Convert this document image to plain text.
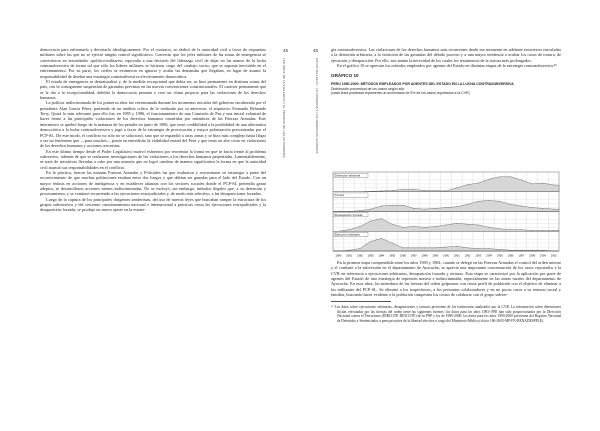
45
LOS AÑOS DE LA VIOLENCIA Y EL PERIODO DE LAS AUTONOMÍAS

democracia para enfrentarlo y derrotarlo ideológicamente. Por el contrario, se abdicó de la autoridad civil a favor de respuestas militares sobre las que no se ejerció ningún control significativo. Convertir que los jefes militares de las zonas de emergencia se convirtieron en autoridades «político-militares» equivalía a una decisión del liderazgo civil de dejar en las manos de la lucha contrasubversiva de forma tal que sólo los líderes militares se hicieron cargo del «trabajo sucio» que se suponía inevitable en el enfrentamiento. Por su parte, los civiles se eximieron en ignorar y avalar las demandas que llegaban, en lugar de asumir la responsabilidad de diseñar una estrategia contrasubversiva efectivamente democrática.

El estado de emergencia se desnaturalizó y, de la medida excepcional que debía ser, se hizo permanente en distintas zonas del país, con la consiguiente suspensión de garantías previstas en las nuevas convenciones constitucionales. El carácter permanente que se le dio a la excepcionalidad, debilitó la democracia peruana y creó un clima propicio para las violaciones de los derechos humanos.

La política indiscriminada de los primeros años fue reexaminada durante los momentos iniciales del gobierno encabezado por el presidente Alan García Pérez, partiendo de un análisis crítico de lo realizado por su antecesor, el arquitecto Fernando Belaunde Terry. Quizá lo más relevante para ello fue, en 1985 y 1986, el funcionamiento de una Comisión de Paz y una inicial voluntad de hacer frente a las principales violaciones de los derechos humanos cometidas por miembros de las Fuerzas Armadas. Este intermezzo se quebró luego de la matanza de los penales en junio de 1986, que restó credibilidad a la posibilidad de una alternativa democrática a la lucha contrasubversiva y jugó a favor de la estrategia de provocación y mayor polarización preconizadas por el PCP-SL. De este modo, el conflicto no sólo no se solucionó, sino que se expandió a otras zonas y se hizo más complejo hasta llegar a ser un fenómeno que —para muchos— ponía en entredicho la viabilidad estatal del Perú y que tenía un alto costo en violaciones de los derechos humanos y acciones terroristas.

En este último tiempo desde el Poder Legislativo motivó esfuerzos por reorientar la forma en que se hacía frente al problema subversivo, además de que se realizaron investigaciones de las violaciones a los derechos humanos perpetradas. Lamentablemente, se trató de iniciativas llevadas a cabo por una minoría que no logró cambiar de manera significativa la forma en que la autoridad civil asumió sus responsabilidades en el conflicto.

En la práctica, fueron las mismas Fuerzas Armadas y Policiales las que evaluaron y reorientaron su estrategia a partir del reconocimiento de que muchas poblaciones estaban entre dos fuegos y que debían ser ganadas para el lado del Estado. Con un mayor énfasis en acciones de inteligencia y en establecer alianzas con los sectores sociales donde el PCP-SL pretendía ganar adeptos, se desarrollaron acciones menos indiscriminadas. No se excluyó, sin embargo, métodos ilegales que, a su detención y procesamiento, y se continuó recurriendo a las ejecuciones extrajudiciales y, de modo más selectivo, a las desapariciones forzadas.

Luego de la captura de los principales dirigentes senderistas, del uso de nuevas leyes que buscaban romper la estructura de los grupos subversivos y del creciente cuestionamiento nacional e internacional a prácticas como las ejecuciones extrajudiciales y la desaparición forzada, se produjo un nuevo ajuste en la estrate-

46
HATUN WILLAKUY · LA TRAGEDIA Y LOS DERECHOS HUMANOS

gia contrasubversiva. Las violaciones de los derechos humanos más recurrentes desde ese momento en adelante estuvieron vinculadas a la detención arbitraria, a la violación de las garantías del debido proceso y a una mayor tendencia a ocultar los casos de tortura, de ejecución y desaparición. Por ello, nos anima la necesidad de los cuales los testimonios de la tortura más prolongados.

En el gráfico 10 se aprecian los métodos empleados por agentes del Estado en distintas etapas de la estrategia contrasubversiva.²⁹

GRÁFICO 10
PERÚ 1980-2000: MÉTODOS EMPLEADOS POR AGENTES DEL ESTADO EN LA LUCHA CONTRASUBVERSIVA
Distribución porcentual de los casos según año
(cada línea punteada representa un acumulado de 5% de los casos reportados a la CVR)
Detención arbitraria
Tortura
Desaparición forzada
Ejecución arbitraria
1980 1981 1982 1983 1984 1985 1986 1987 1988 1989 1990 1991 1992 1993 1994 1995 1996 1997 1998 1999 2000

En la primera etapa comprendida entre los años 1983 y 1984, cuando se delegó en las Fuerzas Armadas el control del orden interno y el combate a la subversión en el departamento de Ayacucho, se aprecia una importante concentración de los casos reportados a la CVR en referencia a ejecuciones arbitrarias, desaparición forzada y torturas. Esta etapa se caracterizó por la aplicación por parte de agentes del Estado de una estrategia de represión masiva e indiscriminada, especialmente en las zonas rurales del departamento de Ayacucho. En esos años, los miembros de las fuerzas del orden golpearon con cierta perfil de población con el objetivo de eliminar a los militantes del PCP-SL. Se eliminó a los sospechosos, a los presuntos colaboradores y en no pocas casos a su entorno social y familiar, buscando hacer evidente a la población campesina los costos de colaborar con el grupo subver-

²⁹ Los datos sobre ejecuciones arbitrarias, desapariciones y torturas provienen de los testimonios analizados por la CVR. La información sobre detenciones ilícitas efectuadas por las fuerzas del orden tiene las siguientes fuentes: los datos para los años 1983-1985 han sido proporcionados por la Dirección Nacional contra el Terrorismo (DIRCOTE-DINCOTE) de la PNP y los de 1986-2000, los datos para los años 1990-2000 provienen del Registro Nacional de Detenidos y Sentenciados a pena privativa de la libertad efectiva a cargo del Ministerio Público (oficio 186-2003-MP-FN-RENADESPPLE).
